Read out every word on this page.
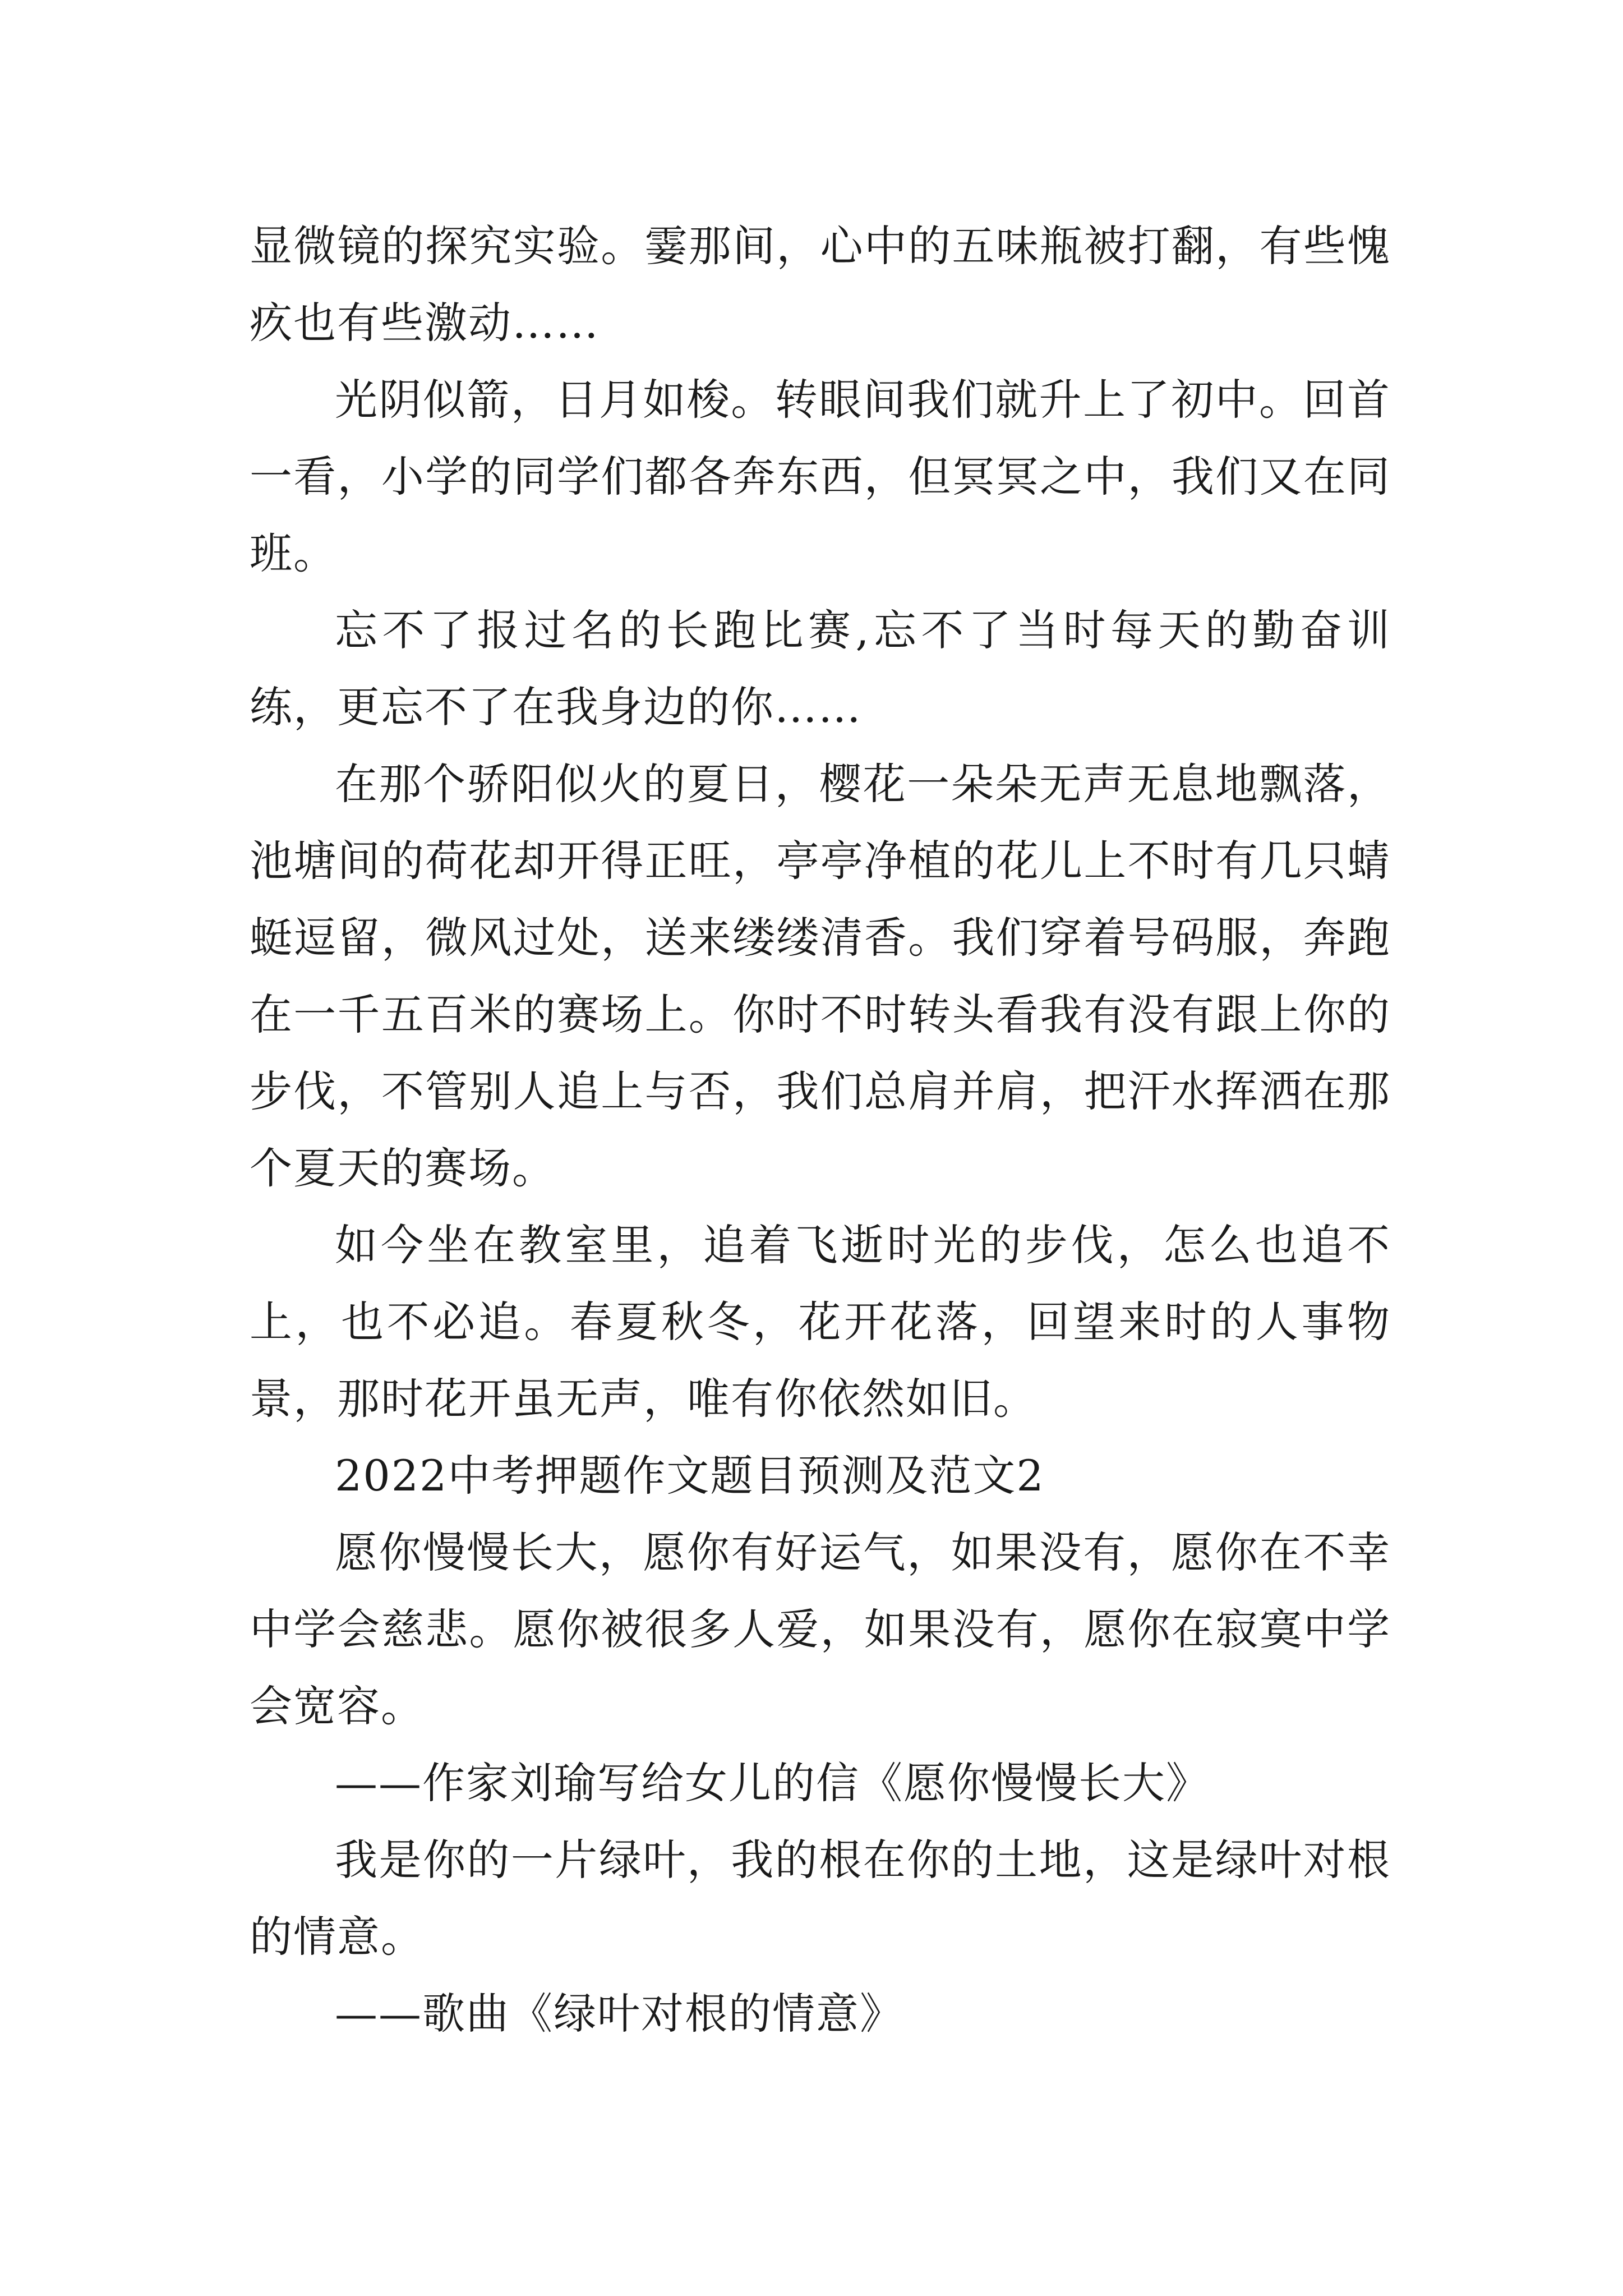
显微镜的探究实验。霎那间，心中的五味瓶被打翻，有些愧疚也有些激动……

光阴似箭，日月如梭。转眼间我们就升上了初中。回首一看，小学的同学们都各奔东西，但冥冥之中，我们又在同班。

忘不了报过名的长跑比赛,忘不了当时每天的勤奋训练，更忘不了在我身边的你……

在那个骄阳似火的夏日，樱花一朵朵无声无息地飘落，池塘间的荷花却开得正旺，亭亭净植的花儿上不时有几只蜻蜓逗留，微风过处，送来缕缕清香。我们穿着号码服，奔跑在一千五百米的赛场上。你时不时转头看我有没有跟上你的步伐，不管别人追上与否，我们总肩并肩，把汗水挥洒在那个夏天的赛场。

如今坐在教室里，追着飞逝时光的步伐，怎么也追不上，也不必追。春夏秋冬，花开花落，回望来时的人事物景，那时花开虽无声，唯有你依然如旧。

2022中考押题作文题目预测及范文2

愿你慢慢长大，愿你有好运气，如果没有，愿你在不幸中学会慈悲。愿你被很多人爱，如果没有，愿你在寂寞中学会宽容。

——作家刘瑜写给女儿的信《愿你慢慢长大》

我是你的一片绿叶，我的根在你的土地，这是绿叶对根的情意。

——歌曲《绿叶对根的情意》
